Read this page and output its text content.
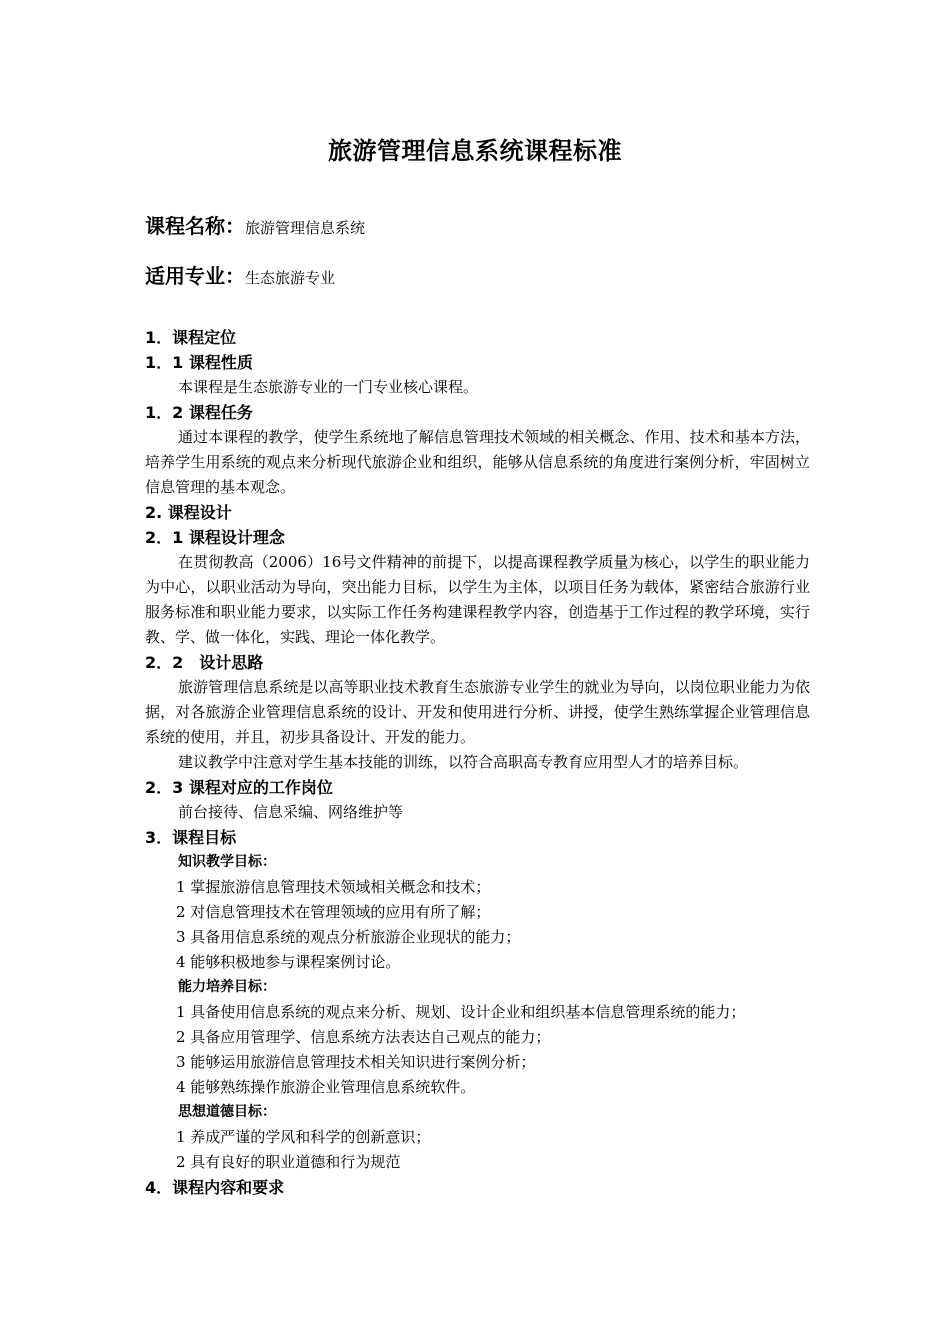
旅游管理信息系统课程标准
课程名称：旅游管理信息系统
适用专业：生态旅游专业
1．课程定位
1．1 课程性质

本课程是生态旅游专业的一门专业核心课程。

1．2 课程任务

通过本课程的教学，使学生系统地了解信息管理技术领域的相关概念、作用、技术和基本方法，培养学生用系统的观点来分析现代旅游企业和组织，能够从信息系统的角度进行案例分析，牢固树立信息管理的基本观念。

2. 课程设计
2．1 课程设计理念

在贯彻教高（2006）16号文件精神的前提下，以提高课程教学质量为核心，以学生的职业能力为中心，以职业活动为导向，突出能力目标，以学生为主体，以项目任务为载体，紧密结合旅游行业服务标准和职业能力要求，以实际工作任务构建课程教学内容，创造基于工作过程的教学环境，实行教、学、做一体化，实践、理论一体化教学。

2．2　设计思路

旅游管理信息系统是以高等职业技术教育生态旅游专业学生的就业为导向，以岗位职业能力为依据，对各旅游企业管理信息系统的设计、开发和使用进行分析、讲授，使学生熟练掌握企业管理信息系统的使用，并且，初步具备设计、开发的能力。

建议教学中注意对学生基本技能的训练，以符合高职高专教育应用型人才的培养目标。

2．3 课程对应的工作岗位

前台接待、信息采编、网络维护等

3．课程目标
知识教学目标：
1 掌握旅游信息管理技术领域相关概念和技术；
2 对信息管理技术在管理领域的应用有所了解；
3 具备用信息系统的观点分析旅游企业现状的能力；
4 能够积极地参与课程案例讨论。
能力培养目标：
1 具备使用信息系统的观点来分析、规划、设计企业和组织基本信息管理系统的能力；
2 具备应用管理学、信息系统方法表达自己观点的能力；
3 能够运用旅游信息管理技术相关知识进行案例分析；
4 能够熟练操作旅游企业管理信息系统软件。
思想道德目标：
1 养成严谨的学风和科学的创新意识；
2 具有良好的职业道德和行为规范
4．课程内容和要求
